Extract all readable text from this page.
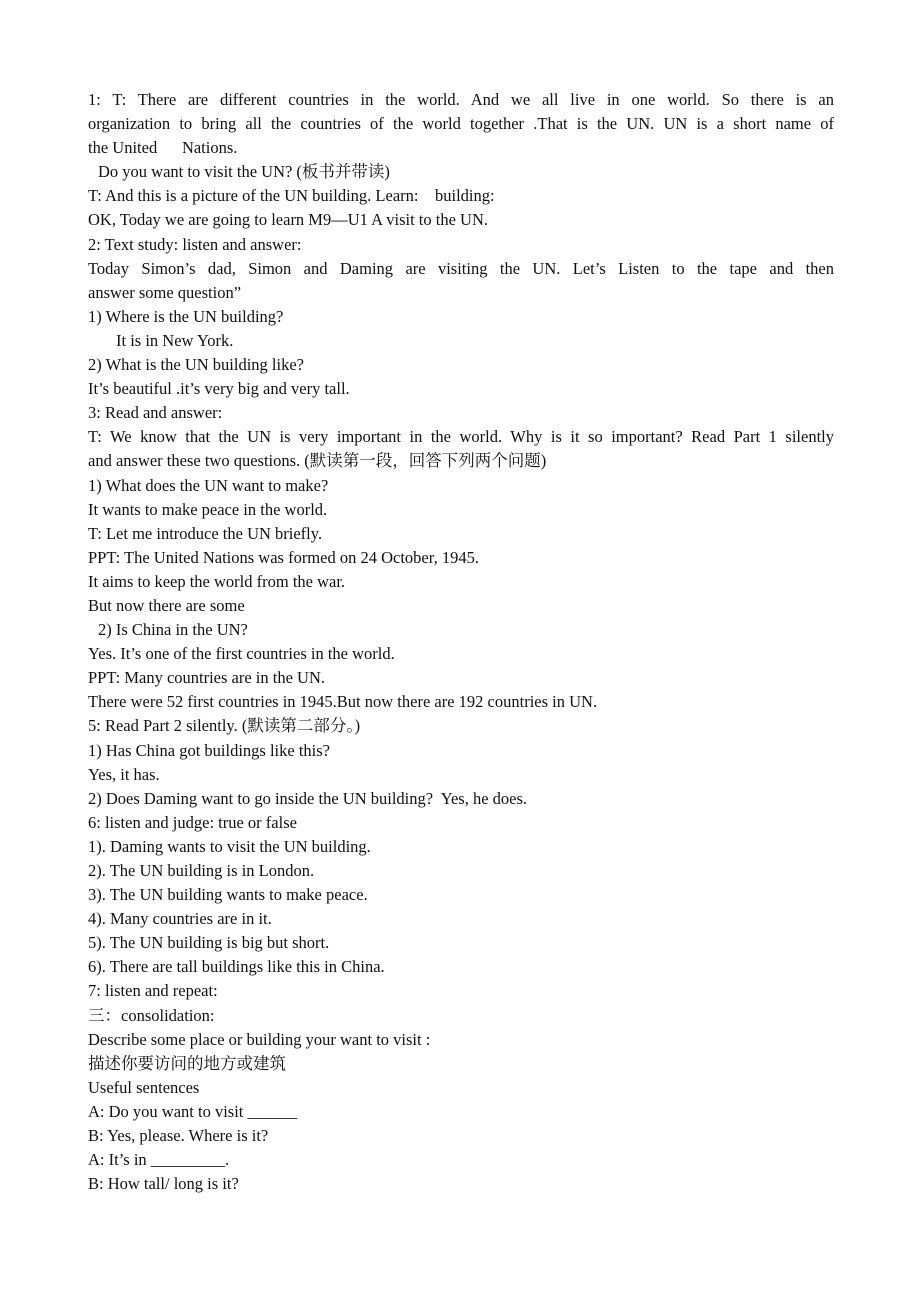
1: T: There are different countries in the world. And we all live in one world. So there is an
organization to bring all the countries of the world together .That is the UN. UN is a short name of
the United      Nations.
Do you want to visit the UN? (板书并带读)
T: And this is a picture of the UN building. Learn:    building:
OK, Today we are going to learn M9—U1 A visit to the UN.
2: Text study: listen and answer:
Today Simon’s dad, Simon and Daming are visiting the UN. Let’s Listen to the tape and then
answer some question”
1) Where is the UN building?
It is in New York.
2) What is the UN building like?
It’s beautiful .it’s very big and very tall.
3: Read and answer:
T: We know that the UN is very important in the world. Why is it so important? Read Part 1 silently
and answer these two questions. (默读第一段，回答下列两个问题)
1) What does the UN want to make?
It wants to make peace in the world.
T: Let me introduce the UN briefly.
PPT: The United Nations was formed on 24 October, 1945.
It aims to keep the world from the war.
But now there are some
2) Is China in the UN?
Yes. It’s one of the first countries in the world.
PPT: Many countries are in the UN.
There were 52 first countries in 1945.But now there are 192 countries in UN.
5: Read Part 2 silently. (默读第二部分。)
1) Has China got buildings like this?
Yes, it has.
2) Does Daming want to go inside the UN building?  Yes, he does.
6: listen and judge: true or false
1). Daming wants to visit the UN building.
2). The UN building is in London.
3). The UN building wants to make peace.
4). Many countries are in it.
5). The UN building is big but short.
6). There are tall buildings like this in China.
7: listen and repeat:
三：consolidation:
Describe some place or building your want to visit :
描述你要访问的地方或建筑
Useful sentences
A: Do you want to visit ______
B: Yes, please. Where is it?
A: It’s in _________.
B: How tall/ long is it?
